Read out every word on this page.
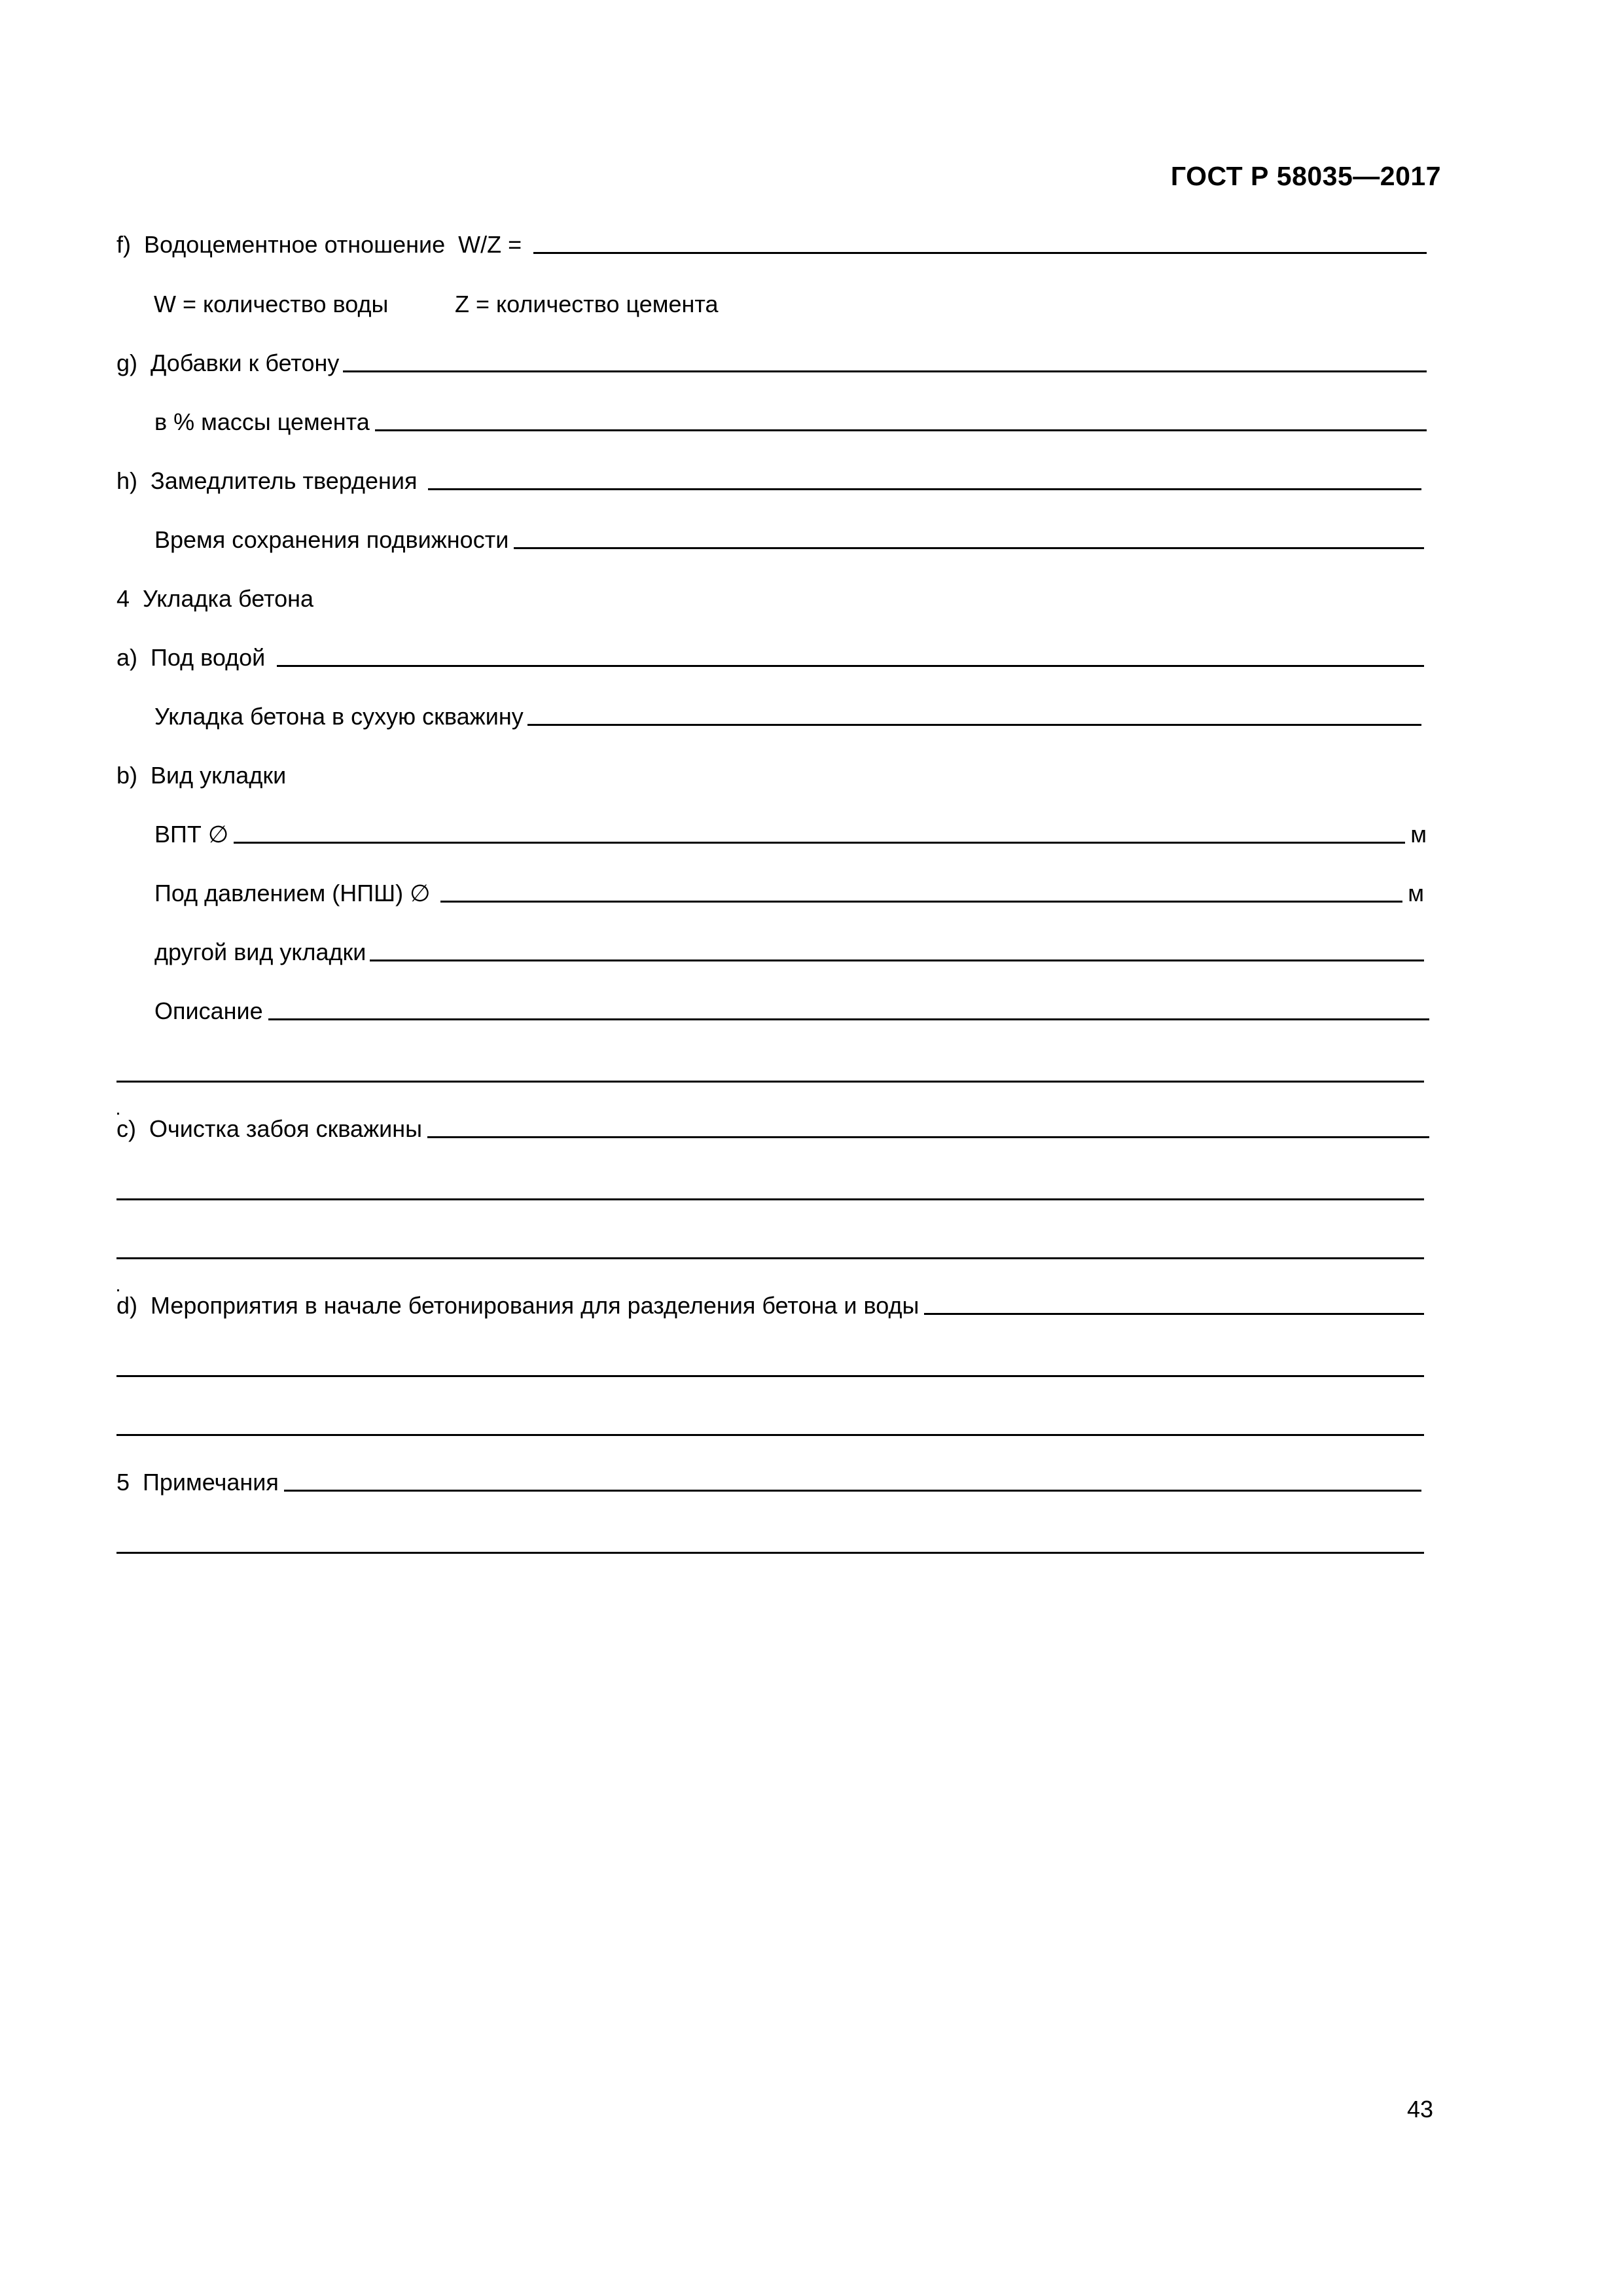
ГОСТ Р 58035—2017
f)  Водоцементное отношение  W/Z =
W = количество воды	Z = количество цемента
g)  Добавки к бетону
в % массы цемента
h)  Замедлитель твердения
Время сохранения подвижности
4  Укладка бетона
a)  Под водой
Укладка бетона в сухую скважину
b)  Вид укладки
ВПТ ∅	м
Под давлением (НПШ) ∅	м
другой вид укладки
Описание
c)  Очистка забоя скважины
d)  Мероприятия в начале бетонирования для разделения бетона и воды
5  Примечания
43
